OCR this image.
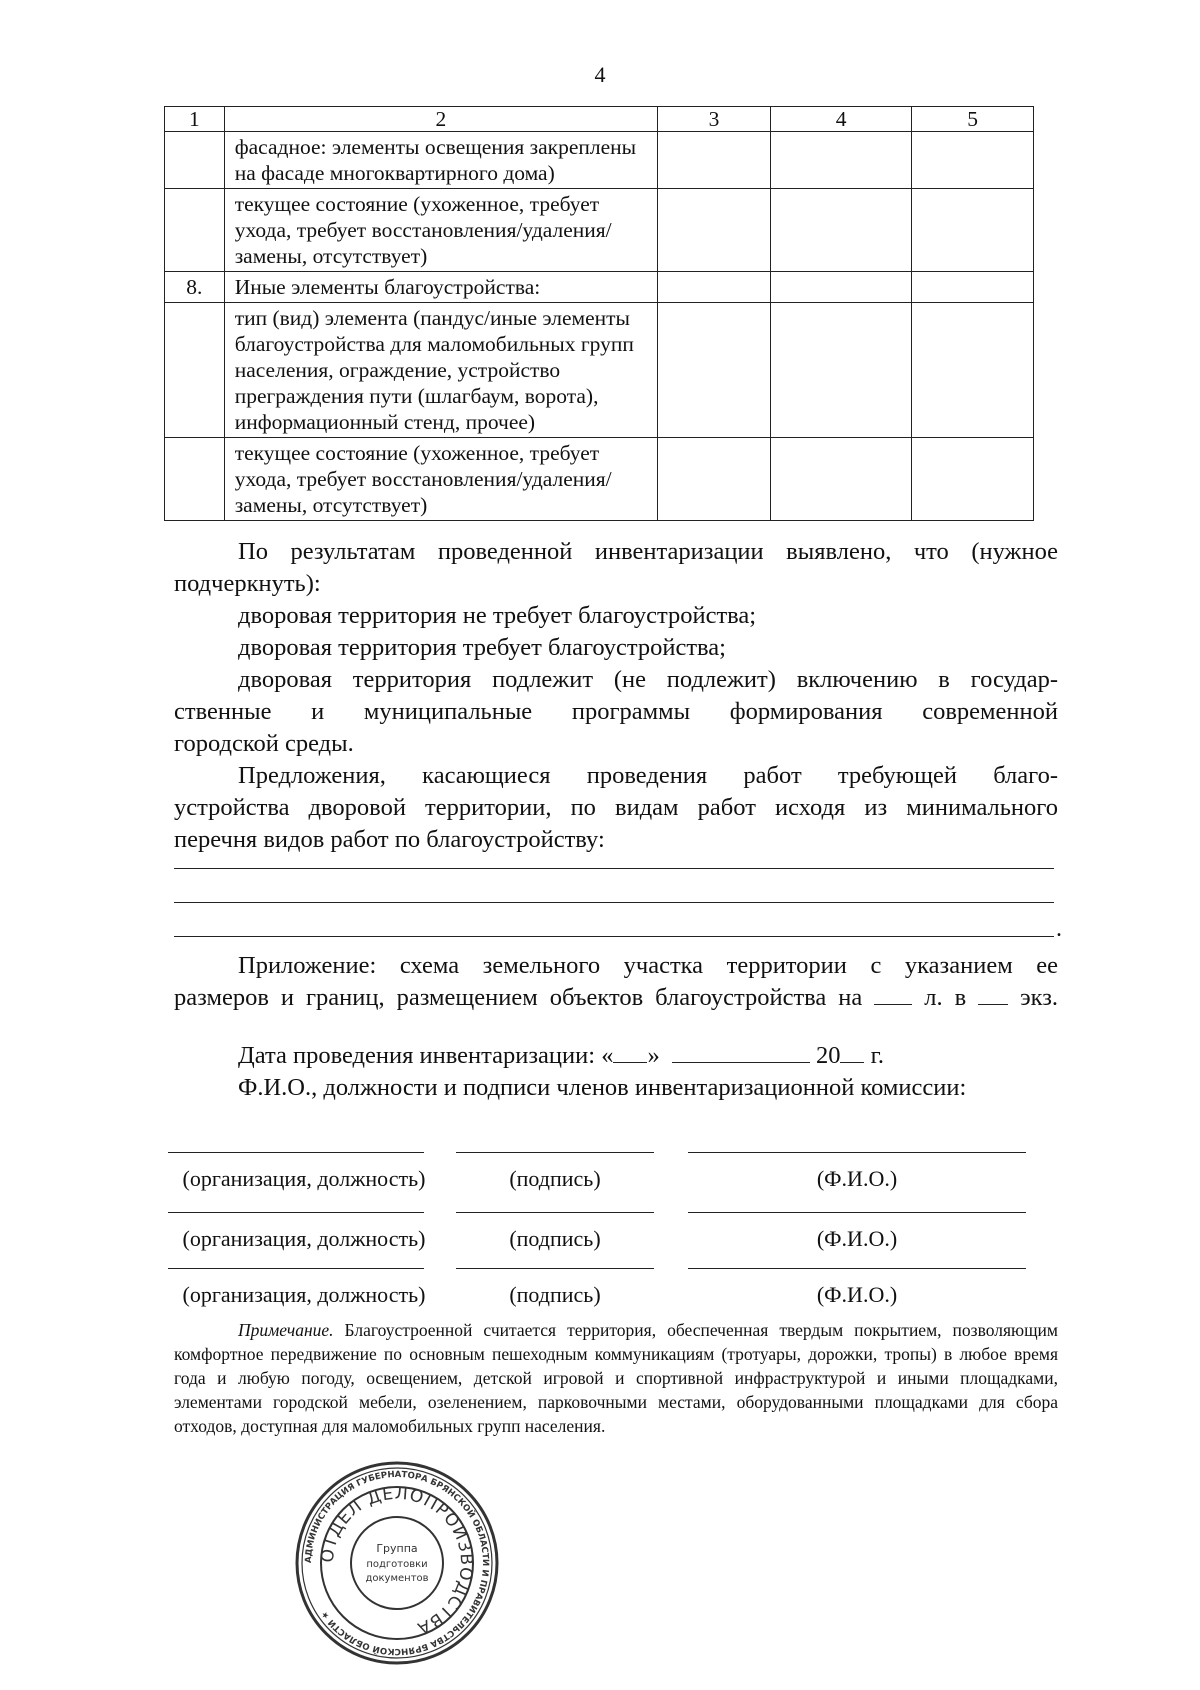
4
1	2	3	4	5
	фасадное: элементы освещения закреплены на фасаде многоквартирного дома)			
	текущее состояние (ухоженное, требует ухода, требует восстановления/удаления/замены, отсутствует)			
8.	Иные элементы благоустройства:			
	тип (вид) элемента (пандус/иные элементы благоустройства для маломобильных групп населения, ограждение, устройство преграждения пути (шлагбаум, ворота), информационный стенд, прочее)			
	текущее состояние (ухоженное, требует ухода, требует восстановления/удаления/замены, отсутствует)			
По результатам проведенной инвентаризации выявлено, что (нужное
подчеркнуть):
дворовая территория не требует благоустройства;
дворовая территория требует благоустройства;
дворовая территория подлежит (не подлежит) включению в государ-
ственные и муниципальные программы формирования современной
городской среды.
Предложения, касающиеся проведения работ требующей благо-
устройства дворовой территории, по видам работ исходя из минимального
перечня видов работ по благоустройству:
.
Приложение: схема земельного участка территории с указанием ее
размеров и границ, размещением объектов благоустройства на	л. в экз.
Дата проведения инвентаризации: « »	20 г.
Ф.И.О., должности и подписи членов инвентаризационной комиссии:
(организация, должность)	(подпись)	(Ф.И.О.)
(организация, должность)	(подпись)	(Ф.И.О.)
(организация, должность)	(подпись)	(Ф.И.О.)
Примечание. Благоустроенной считается территория, обеспеченная твердым покрытием, позволяющим комфортное передвижение по основным пешеходным коммуникациям (тротуары, дорожки, тропы) в любое время года и любую погоду, освещением, детской игровой и спортивной инфраструктурой и иными площадками, элементами городской мебели, озеленением, парковочными местами, оборудованными площадками для сбора отходов, доступная для маломобильных групп населения.
АДМИНИСТРАЦИЯ ГУБЕРНАТОРА БРЯНСКОЙ ОБЛАСТИ И ПРАВИТЕЛЬСТВА БРЯНСКОЙ ОБЛАСТИ ★
ОТДЕЛ ДЕЛОПРОИЗВОДСТВА
Группа
подготовки
документов
